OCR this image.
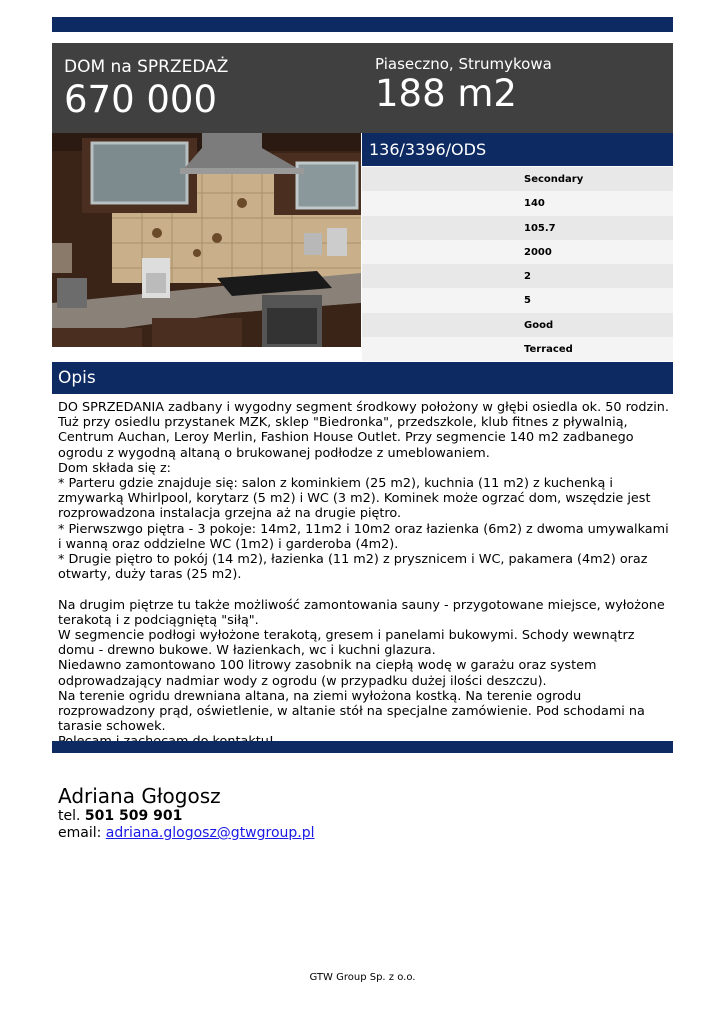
DOM na SPRZEDAŻ
670 000
Piaseczno, Strumykowa
188 m2
136/3396/ODS
Secondary
140
105.7
2000
2
5
Good
Terraced
Opis
DO SPRZEDANIA zadbany i wygodny segment środkowy położony w głębi osiedla ok. 50 rodzin. Tuż przy osiedlu przystanek MZK, sklep "Biedronka", przedszkole, klub fitnes z pływalnią, Centrum Auchan, Leroy Merlin, Fashion House Outlet. Przy segmencie 140 m2 zadbanego ogrodu z wygodną altaną o brukowanej podłodze z umeblowaniem.
Dom składa się z:
* Parteru gdzie znajduje się: salon z kominkiem (25 m2), kuchnia (11 m2) z kuchenką i zmywarką Whirlpool, korytarz (5 m2) i WC (3 m2). Kominek może ogrzać dom, wszędzie jest rozprowadzona instalacja grzejna aż na drugie piętro.
* Pierwszwgo piętra - 3 pokoje: 14m2, 11m2 i 10m2 oraz łazienka (6m2) z dwoma umywalkami i wanną oraz oddzielne WC (1m2) i garderoba (4m2).
* Drugie piętro to pokój (14 m2), łazienka (11 m2) z prysznicem i WC, pakamera (4m2) oraz otwarty, duży taras (25 m2).

Na drugim piętrze tu także możliwość zamontowania sauny - przygotowane miejsce, wyłożone terakotą i z podciągniętą "siłą".
W segmencie podłogi wyłożone terakotą, gresem i panelami bukowymi. Schody wewnątrz domu - drewno bukowe. W łazienkach, wc i kuchni glazura.
Niedawno zamontowano 100 litrowy zasobnik na ciepłą wodę w garażu oraz system odprowadzający nadmiar wody z ogrodu (w przypadku dużej ilości deszczu).
Na terenie ogridu drewniana altana, na ziemi wyłożona kostką. Na terenie ogrodu rozprowadzony prąd, oświetlenie, w altanie stół na specjalne zamówienie. Pod schodami na tarasie schowek.

Adriana Głogosz
tel. 501 509 901
email: adriana.glogosz@gtwgroup.pl
GTW Group Sp. z o.o.
